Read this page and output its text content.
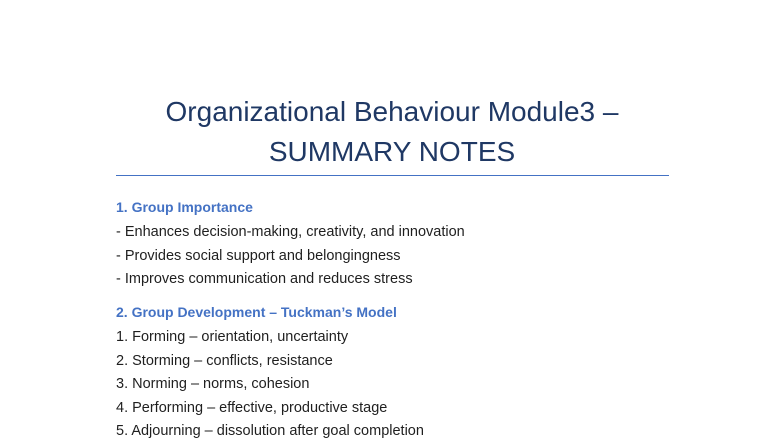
Organizational Behaviour Module3 –
SUMMARY NOTES
1. Group Importance
- Enhances decision-making, creativity, and innovation
- Provides social support and belongingness
- Improves communication and reduces stress
2. Group Development – Tuckman’s Model
1. Forming – orientation, uncertainty
2. Storming – conflicts, resistance
3. Norming – norms, cohesion
4. Performing – effective, productive stage
5. Adjourning – dissolution after goal completion
